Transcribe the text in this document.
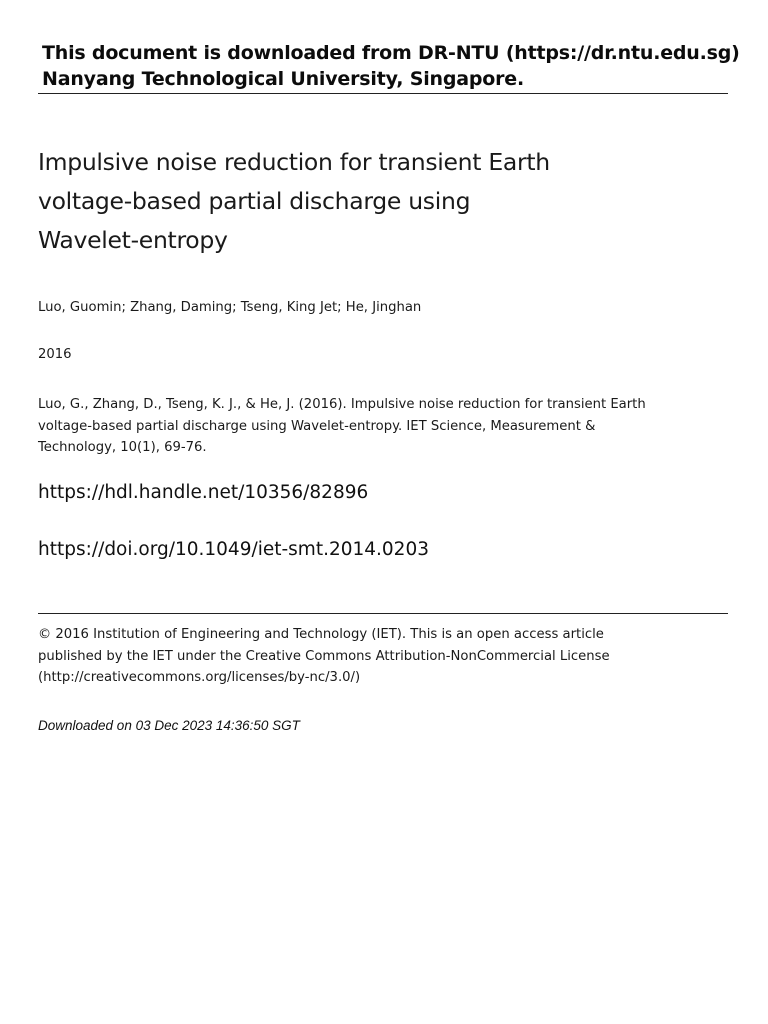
This document is downloaded from DR-NTU (https://dr.ntu.edu.sg)
Nanyang Technological University, Singapore.
Impulsive noise reduction for transient Earth
voltage-based partial discharge using
Wavelet-entropy
Luo, Guomin; Zhang, Daming; Tseng, King Jet; He, Jinghan
2016
Luo, G., Zhang, D., Tseng, K. J., & He, J. (2016). Impulsive noise reduction for transient Earth
voltage-based partial discharge using Wavelet-entropy. IET Science, Measurement &
Technology, 10(1), 69-76.
https://hdl.handle.net/10356/82896
https://doi.org/10.1049/iet-smt.2014.0203
© 2016 Institution of Engineering and Technology (IET). This is an open access article
published by the IET under the Creative Commons Attribution-NonCommercial License
(http://creativecommons.org/licenses/by-nc/3.0/)
Downloaded on 03 Dec 2023 14:36:50 SGT
